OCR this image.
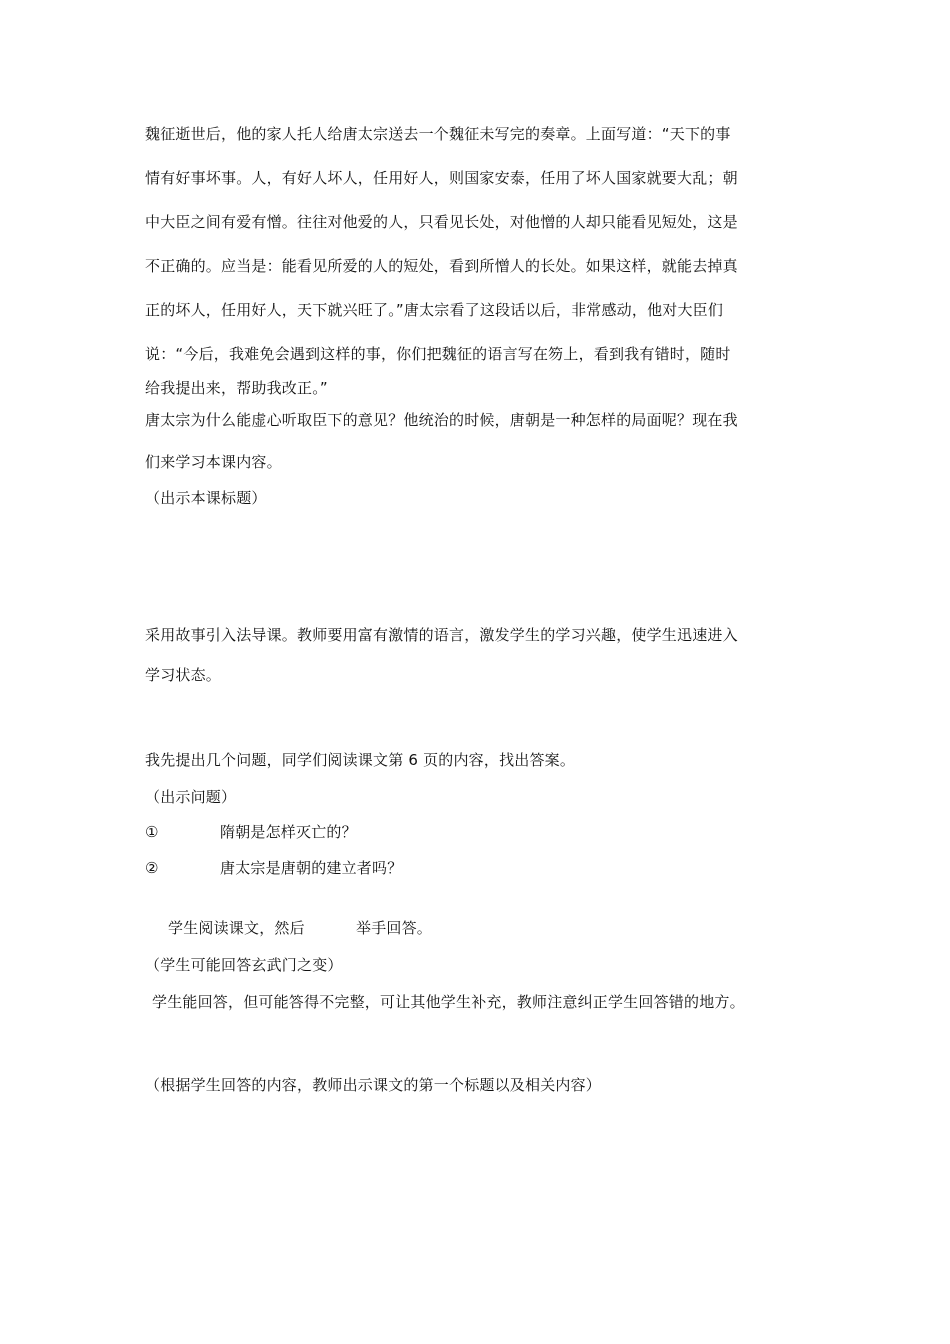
魏征逝世后，他的家人托人给唐太宗送去一个魏征未写完的奏章。上面写道：“天下的事
情有好事坏事。人，有好人坏人，任用好人，则国家安泰，任用了坏人国家就要大乱；朝
中大臣之间有爱有憎。往往对他爱的人，只看见长处，对他憎的人却只能看见短处，这是
不正确的。应当是：能看见所爱的人的短处，看到所憎人的长处。如果这样，就能去掉真
正的坏人，任用好人，天下就兴旺了。”唐太宗看了这段话以后，非常感动，他对大臣们
说：“今后，我难免会遇到这样的事，你们把魏征的语言写在笏上，看到我有错时，随时
给我提出来，帮助我改正。”
唐太宗为什么能虚心听取臣下的意见？他统治的时候，唐朝是一种怎样的局面呢？现在我
们来学习本课内容。
（出示本课标题）
采用故事引入法导课。教师要用富有激情的语言，激发学生的学习兴趣，使学生迅速进入
学习状态。
我先提出几个问题，同学们阅读课文第 6 页的内容，找出答案。
（出示问题）
①	隋朝是怎样灭亡的？
②	唐太宗是唐朝的建立者吗？
学生阅读课文，然后	举手回答。
（学生可能回答玄武门之变）
学生能回答，但可能答得不完整，可让其他学生补充，教师注意纠正学生回答错的地方。
（根据学生回答的内容，教师出示课文的第一个标题以及相关内容）
